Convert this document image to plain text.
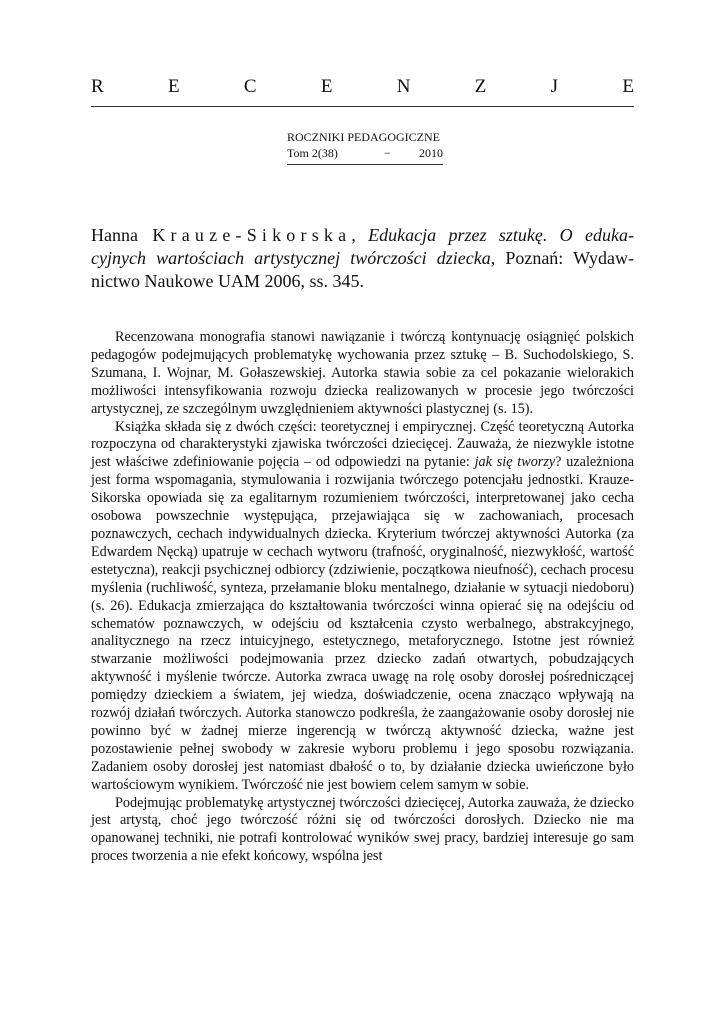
R	E	C	E	N	Z	J	E
ROCZNIKI PEDAGOGICZNE
Tom 2(38)	− 2010
Hanna Krauze-Sikorska, Edukacja przez sztukę. O edukacyjnych wartościach artystycznej twórczości dziecka, Poznań: Wydawnictwo Naukowe UAM 2006, ss. 345.

Recenzowana monografia stanowi nawiązanie i twórczą kontynuację osiągnięć polskich pedagogów podejmujących problematykę wychowania przez sztukę – B. Suchodolskiego, S. Szumana, I. Wojnar, M. Gołaszewskiej. Autorka stawia sobie za cel pokazanie wielorakich możliwości intensyfikowania rozwoju dziecka realizowanych w procesie jego twórczości artystycznej, ze szczególnym uwzględnieniem aktywności plastycznej (s. 15).

Książka składa się z dwóch części: teoretycznej i empirycznej. Część teoretyczną Autorka rozpoczyna od charakterystyki zjawiska twórczości dziecięcej. Zauważa, że niezwykle istotne jest właściwe zdefiniowanie pojęcia – od odpowiedzi na pytanie: jak się tworzy? uzależniona jest forma wspomagania, stymulowania i rozwijania twórczego potencjału jednostki. Krauze-Sikorska opowiada się za egalitarnym rozumieniem twórczości, interpretowanej jako cecha osobowa powszechnie występująca, przejawiająca się w zachowaniach, procesach poznawczych, cechach indywidualnych dziecka. Kryterium twórczej aktywności Autorka (za Edwardem Nęcką) upatruje w cechach wytworu (trafność, oryginalność, niezwykłość, wartość estetyczna), reakcji psychicznej odbiorcy (zdziwienie, początkowa nieufność), cechach procesu myślenia (ruchliwość, synteza, przełamanie bloku mentalnego, działanie w sytuacji niedoboru) (s. 26). Edukacja zmierzająca do kształtowania twórczości winna opierać się na odejściu od schematów poznawczych, w odejściu od kształcenia czysto werbalnego, abstrakcyjnego, analitycznego na rzecz intuicyjnego, estetycznego, metaforycznego. Istotne jest również stwarzanie możliwości podejmowania przez dziecko zadań otwartych, pobudzających aktywność i myślenie twórcze. Autorka zwraca uwagę na rolę osoby dorosłej pośredniczącej pomiędzy dzieckiem a światem, jej wiedza, doświadczenie, ocena znacząco wpływają na rozwój działań twórczych. Autorka stanowczo podkreśla, że zaangażowanie osoby dorosłej nie powinno być w żadnej mierze ingerencją w twórczą aktywność dziecka, ważne jest pozostawienie pełnej swobody w zakresie wyboru problemu i jego sposobu rozwiązania. Zadaniem osoby dorosłej jest natomiast dbałość o to, by działanie dziecka uwieńczone było wartościowym wynikiem. Twórczość nie jest bowiem celem samym w sobie.

Podejmując problematykę artystycznej twórczości dziecięcej, Autorka zauważa, że dziecko jest artystą, choć jego twórczość różni się od twórczości dorosłych. Dziecko nie ma opanowanej techniki, nie potrafi kontrolować wyników swej pracy, bardziej interesuje go sam proces tworzenia a nie efekt końcowy, wspólna jest
